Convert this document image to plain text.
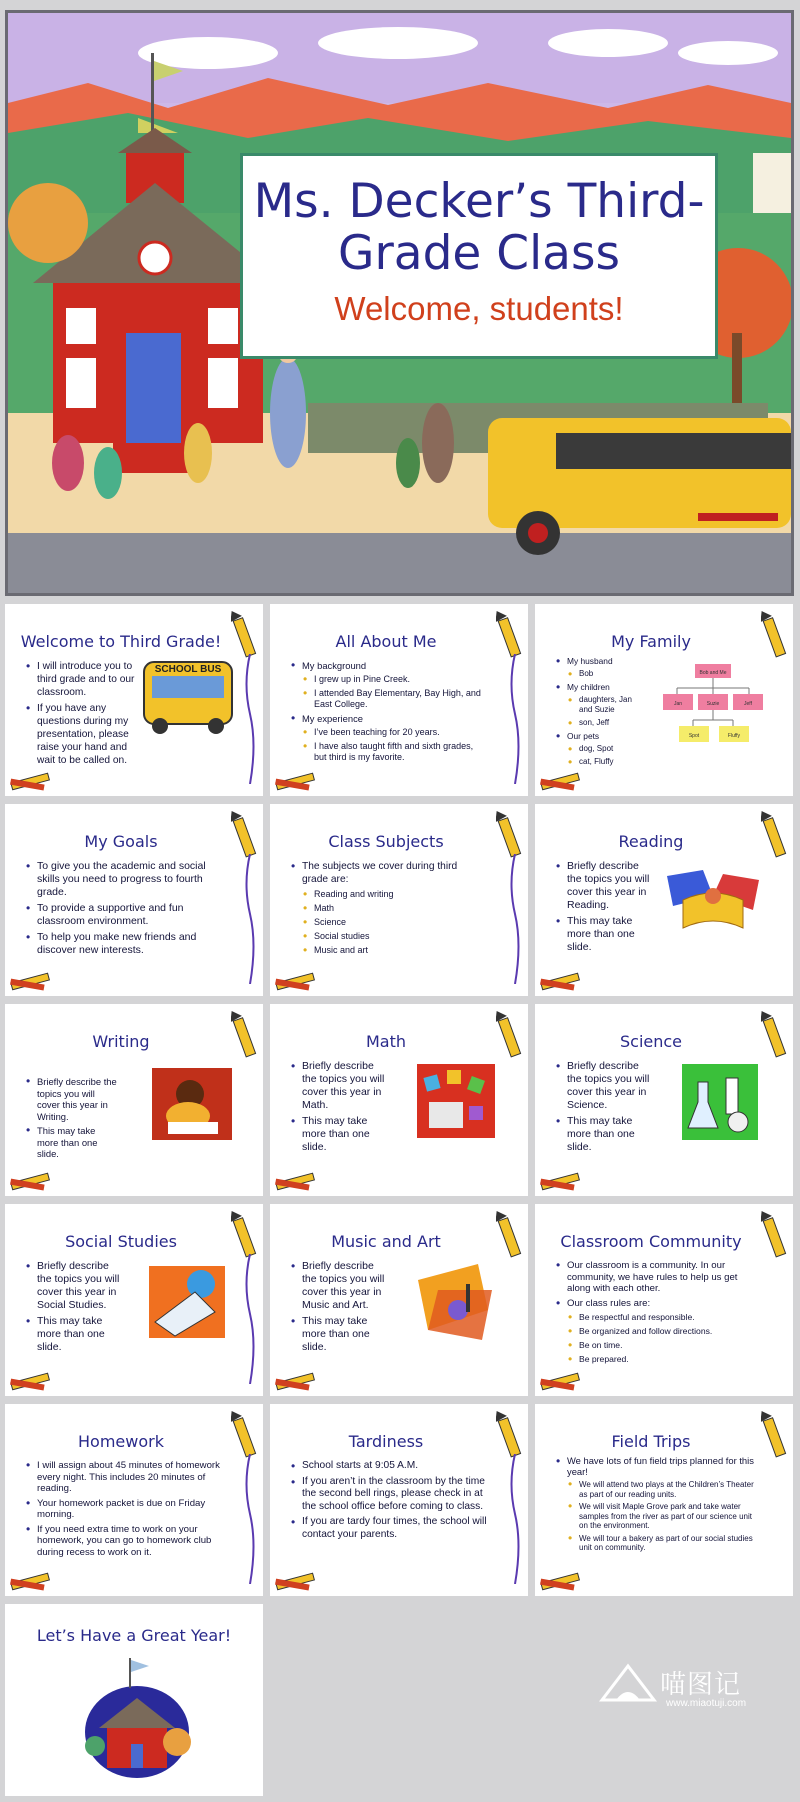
Ms. Decker’s Third-Grade Class
Welcome, students!
Welcome to Third Grade!
• I will introduce you to third grade and to our classroom.
• If you have any questions during my presentation, please raise your hand and wait to be called on.
SCHOOL BUS
All About Me
• My background
• I grew up in Pine Creek.
• I attended Bay Elementary, Bay High, and East College.
• My experience
• I’ve been teaching for 20 years.
• I have also taught fifth and sixth grades, but third is my favorite.
My Family
• My husband
• Bob
• My children
• daughters, Jan and Suzie
• son, Jeff
• Our pets
• dog, Spot
• cat, Fluffy
Bob and Me
Jan	Suzie	Jeff
Spot	Fluffy
My Goals
• To give you the academic and social skills you need to progress to fourth grade.
• To provide a supportive and fun classroom environment.
• To help you make new friends and discover new interests.
Class Subjects
• The subjects we cover during third grade are:
• Reading and writing
• Math
• Science
• Social studies
• Music and art
Reading
• Briefly describe the topics you will cover this year in Reading.
• This may take more than one slide.
Writing
• Briefly describe the topics you will cover this year in Writing.
• This may take more than one slide.
Math
• Briefly describe the topics you will cover this year in Math.
• This may take more than one slide.
Science
• Briefly describe the topics you will cover this year in Science.
• This may take more than one slide.
Social Studies
• Briefly describe the topics you will cover this year in Social Studies.
• This may take more than one slide.
Music and Art
• Briefly describe the topics you will cover this year in Music and Art.
• This may take more than one slide.
Classroom Community
• Our classroom is a community. In our community, we have rules to help us get along with each other.
• Our class rules are:
• Be respectful and responsible.
• Be organized and follow directions.
• Be on time.
• Be prepared.
Homework
• I will assign about 45 minutes of homework every night. This includes 20 minutes of reading.
• Your homework packet is due on Friday morning.
• If you need extra time to work on your homework, you can go to homework club during recess to work on it.
Tardiness
• School starts at 9:05 A.M.
• If you aren’t in the classroom by the time the second bell rings, please check in at the school office before coming to class.
• If you are tardy four times, the school will contact your parents.
Field Trips
• We have lots of fun field trips planned for this year!
• We will attend two plays at the Children’s Theater as part of our reading units.
• We will visit Maple Grove park and take water samples from the river as part of our science unit on the environment.
• We will tour a bakery as part of our social studies unit on community.
Let’s Have a Great Year!
喵图记
www.miaotuji.com
